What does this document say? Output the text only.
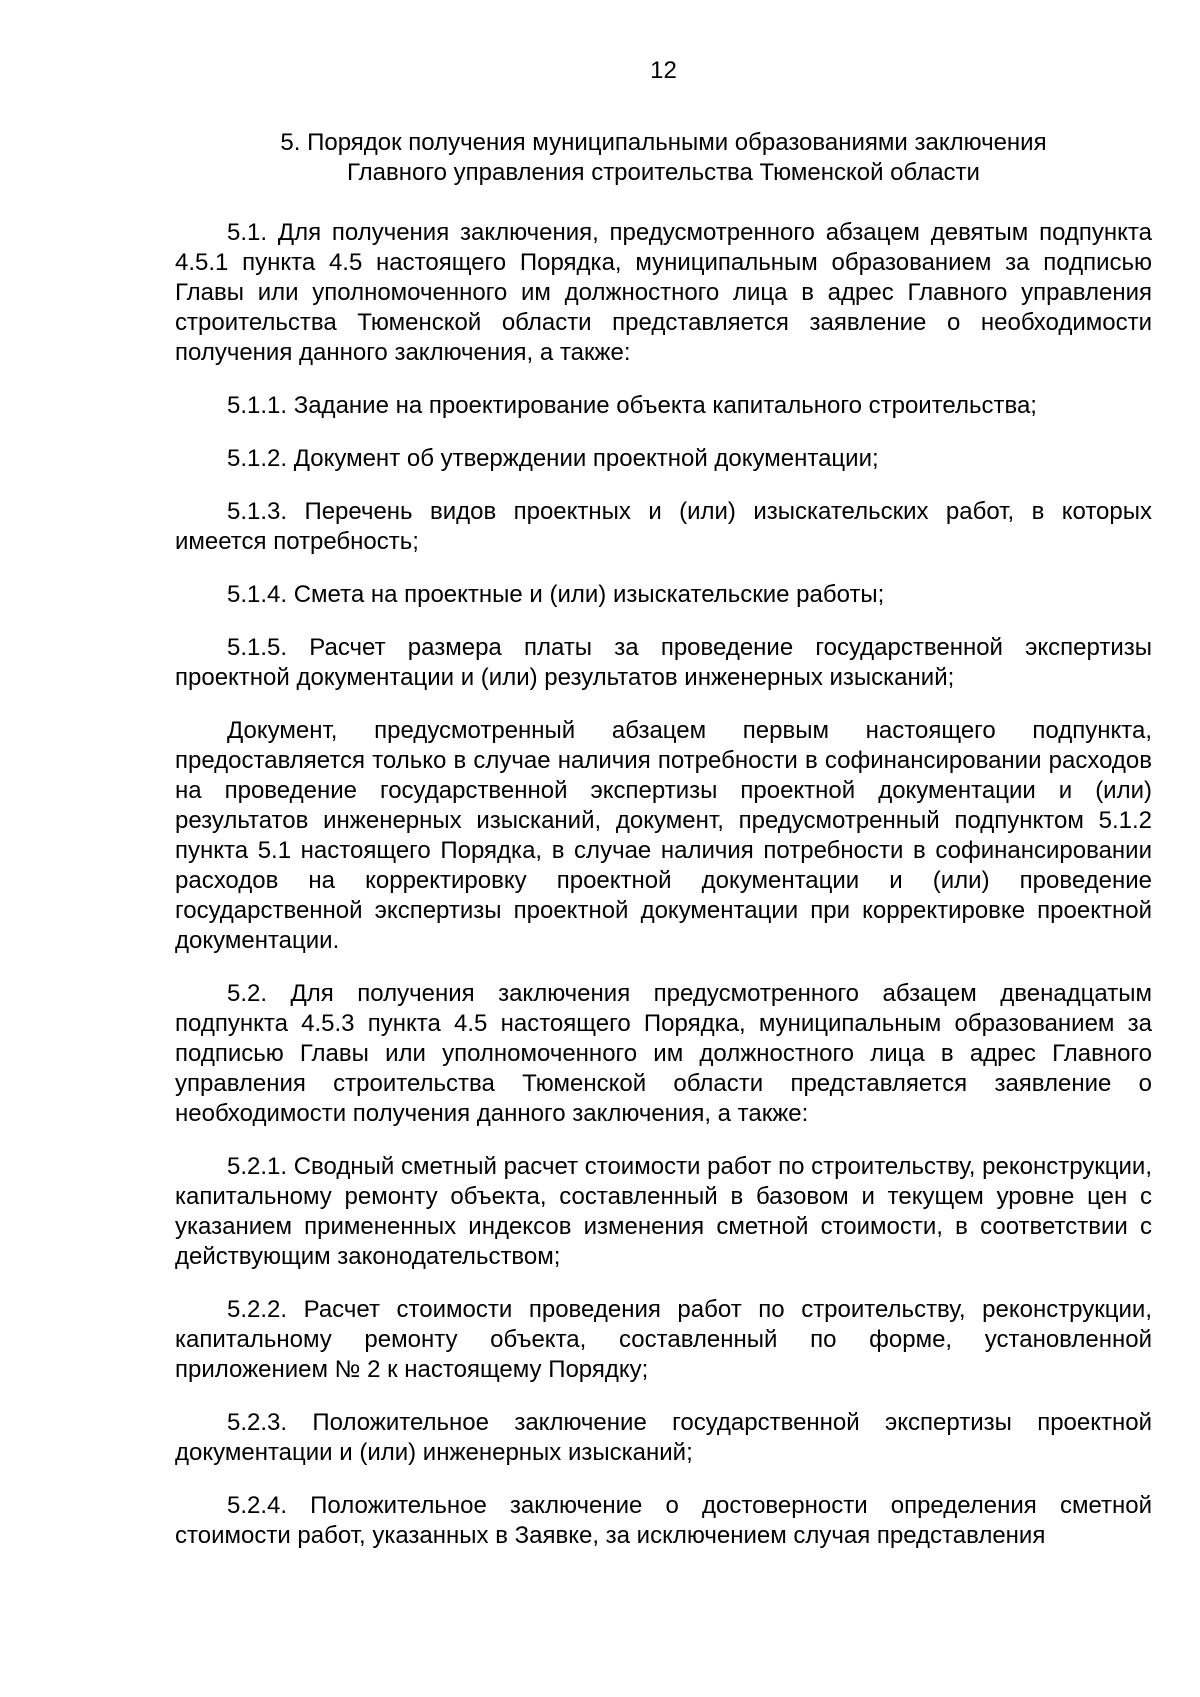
12
5. Порядок получения муниципальными образованиями заключения
Главного управления строительства Тюменской области

5.1. Для получения заключения, предусмотренного абзацем девятым подпункта 4.5.1 пункта 4.5 настоящего Порядка, муниципальным образованием за подписью Главы или уполномоченного им должностного лица в адрес Главного управления строительства Тюменской области представляется заявление о необходимости получения данного заключения, а также:

5.1.1. Задание на проектирование объекта капитального строительства;

5.1.2. Документ об утверждении проектной документации;

5.1.3. Перечень видов проектных и (или) изыскательских работ, в которых имеется потребность;

5.1.4. Смета на проектные и (или) изыскательские работы;

5.1.5. Расчет размера платы за проведение государственной экспертизы проектной документации и (или) результатов инженерных изысканий;

Документ, предусмотренный абзацем первым настоящего подпункта, предоставляется только в случае наличия потребности в софинансировании расходов на проведение государственной экспертизы проектной документации и (или) результатов инженерных изысканий, документ, предусмотренный подпунктом 5.1.2 пункта 5.1 настоящего Порядка, в случае наличия потребности в софинансировании расходов на корректировку проектной документации и (или) проведение государственной экспертизы проектной документации при корректировке проектной документации.

5.2. Для получения заключения предусмотренного абзацем двенадцатым подпункта 4.5.3 пункта 4.5 настоящего Порядка, муниципальным образованием за подписью Главы или уполномоченного им должностного лица в адрес Главного управления строительства Тюменской области представляется заявление о необходимости получения данного заключения, а также:

5.2.1. Сводный сметный расчет стоимости работ по строительству, реконструкции, капитальному ремонту объекта, составленный в базовом и текущем уровне цен с указанием примененных индексов изменения сметной стоимости, в соответствии с действующим законодательством;

5.2.2. Расчет стоимости проведения работ по строительству, реконструкции, капитальному ремонту объекта, составленный по форме, установленной приложением № 2 к настоящему Порядку;

5.2.3. Положительное заключение государственной экспертизы проектной документации и (или) инженерных изысканий;

5.2.4. Положительное заключение о достоверности определения сметной стоимости работ, указанных в Заявке, за исключением случая представления
